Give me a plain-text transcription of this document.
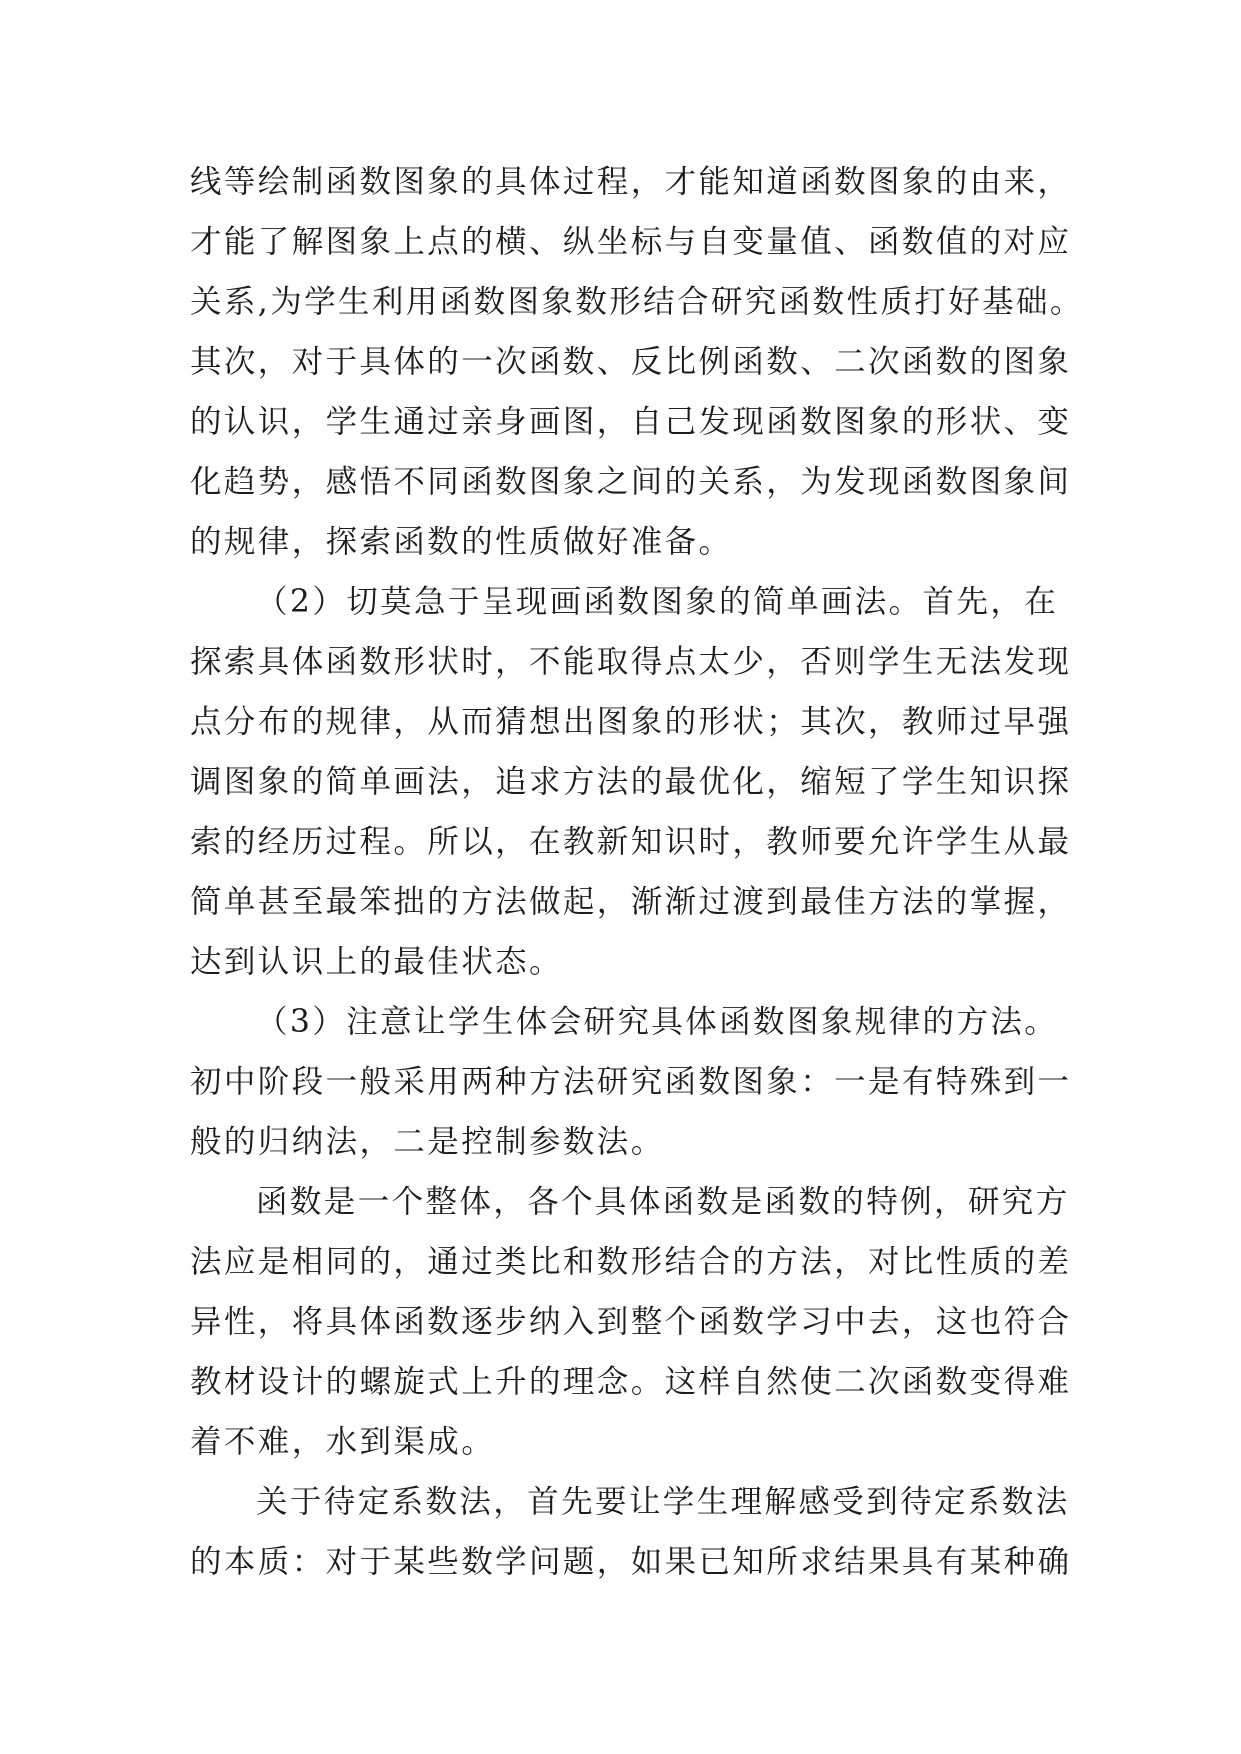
线等绘制函数图象的具体过程，才能知道函数图象的由来，
才能了解图象上点的横、纵坐标与自变量值、函数值的对应
关系,为学生利用函数图象数形结合研究函数性质打好基础。
其次，对于具体的一次函数、反比例函数、二次函数的图象
的认识，学生通过亲身画图，自己发现函数图象的形状、变
化趋势，感悟不同函数图象之间的关系，为发现函数图象间
的规律，探索函数的性质做好准备。
（2）切莫急于呈现画函数图象的简单画法。首先，在
探索具体函数形状时，不能取得点太少，否则学生无法发现
点分布的规律，从而猜想出图象的形状；其次，教师过早强
调图象的简单画法，追求方法的最优化，缩短了学生知识探
索的经历过程。所以，在教新知识时，教师要允许学生从最
简单甚至最笨拙的方法做起，渐渐过渡到最佳方法的掌握，
达到认识上的最佳状态。
（3）注意让学生体会研究具体函数图象规律的方法。
初中阶段一般采用两种方法研究函数图象：一是有特殊到一
般的归纳法，二是控制参数法。
函数是一个整体，各个具体函数是函数的特例，研究方
法应是相同的，通过类比和数形结合的方法，对比性质的差
异性，将具体函数逐步纳入到整个函数学习中去，这也符合
教材设计的螺旋式上升的理念。这样自然使二次函数变得难
着不难，水到渠成。
关于待定系数法，首先要让学生理解感受到待定系数法
的本质：对于某些数学问题，如果已知所求结果具有某种确
